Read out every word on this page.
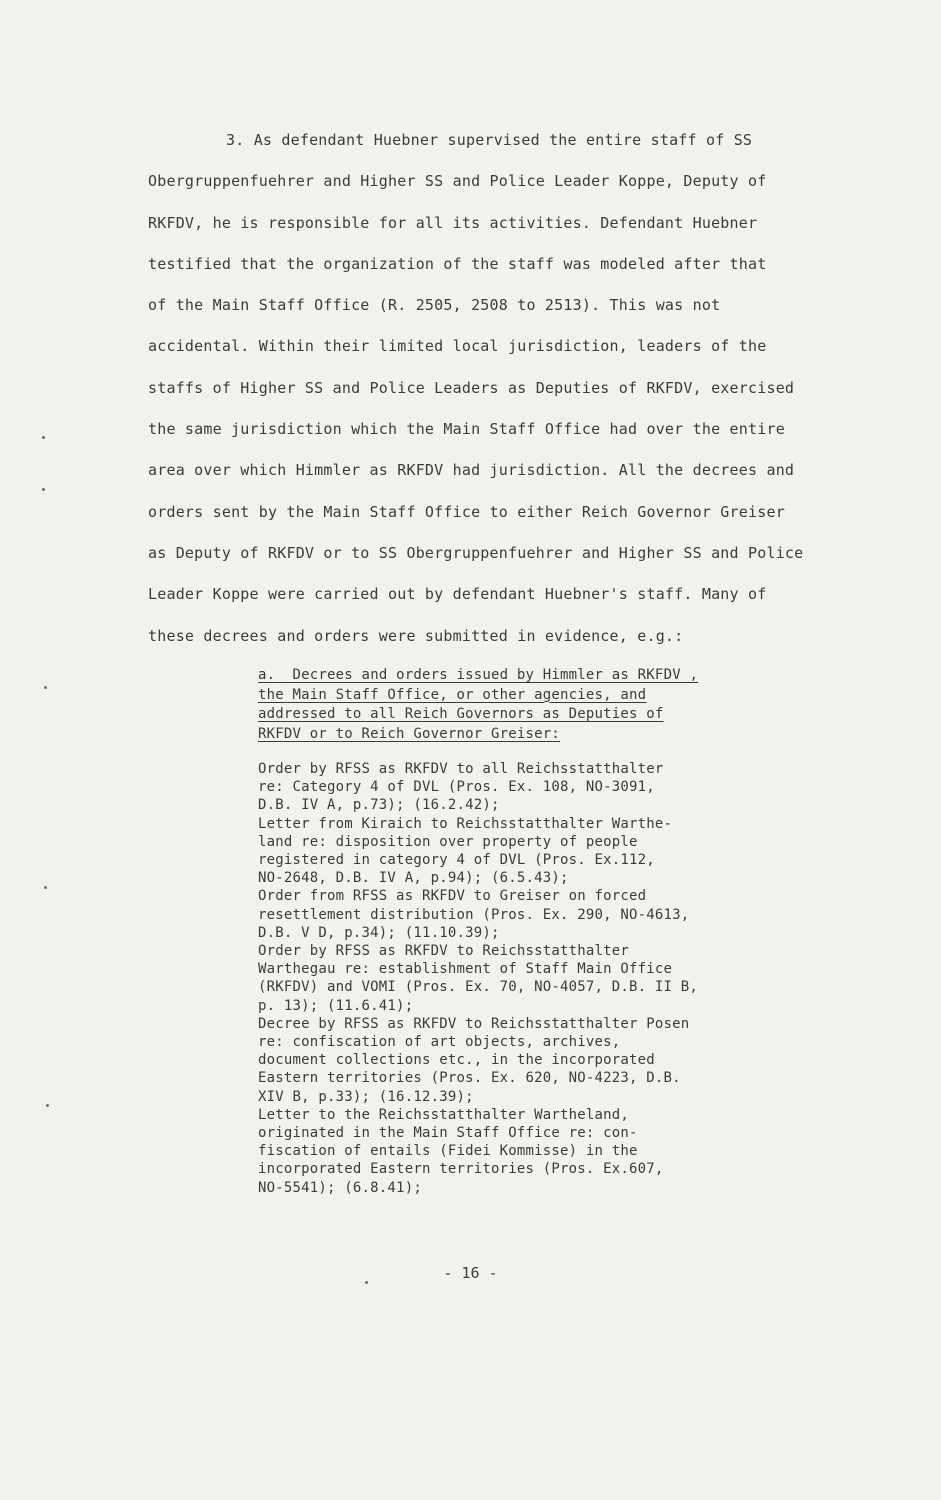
3. As defendant Huebner supervised the entire staff of SS
Obergruppenfuehrer and Higher SS and Police Leader Koppe, Deputy of
RKFDV, he is responsible for all its activities. Defendant Huebner
testified that the organization of the staff was modeled after that
of the Main Staff Office (R. 2505, 2508 to 2513). This was not
accidental. Within their limited local jurisdiction, leaders of the
staffs of Higher SS and Police Leaders as Deputies of RKFDV, exercised
the same jurisdiction which the Main Staff Office had over the entire
area over which Himmler as RKFDV had jurisdiction. All the decrees and
orders sent by the Main Staff Office to either Reich Governor Greiser
as Deputy of RKFDV or to SS Obergruppenfuehrer and Higher SS and Police
Leader Koppe were carried out by defendant Huebner's staff. Many of
these decrees and orders were submitted in evidence, e.g.:
a. Decrees and orders issued by Himmler as RKFDV ,
the Main Staff Office, or other agencies, and
addressed to all Reich Governors as Deputies of
RKFDV or to Reich Governor Greiser:
Order by RFSS as RKFDV to all Reichsstatthalter
re: Category 4 of DVL (Pros. Ex. 108, NO-3091,
D.B. IV A, p.73); (16.2.42);
Letter from Kiraich to Reichsstatthalter Warthe-
land re: disposition over property of people
registered in category 4 of DVL (Pros. Ex.112,
NO-2648, D.B. IV A, p.94); (6.5.43);
Order from RFSS as RKFDV to Greiser on forced
resettlement distribution (Pros. Ex. 290, NO-4613,
D.B. V D, p.34); (11.10.39);
Order by RFSS as RKFDV to Reichsstatthalter
Warthegau re: establishment of Staff Main Office
(RKFDV) and VOMI (Pros. Ex. 70, NO-4057, D.B. II B,
p. 13); (11.6.41);
Decree by RFSS as RKFDV to Reichsstatthalter Posen
re: confiscation of art objects, archives,
document collections etc., in the incorporated
Eastern territories (Pros. Ex. 620, NO-4223, D.B.
XIV B, p.33); (16.12.39);
Letter to the Reichsstatthalter Wartheland,
originated in the Main Staff Office re: con-
fiscation of entails (Fidei Kommisse) in the
incorporated Eastern territories (Pros. Ex.607,
NO-5541); (6.8.41);
- 16 -
